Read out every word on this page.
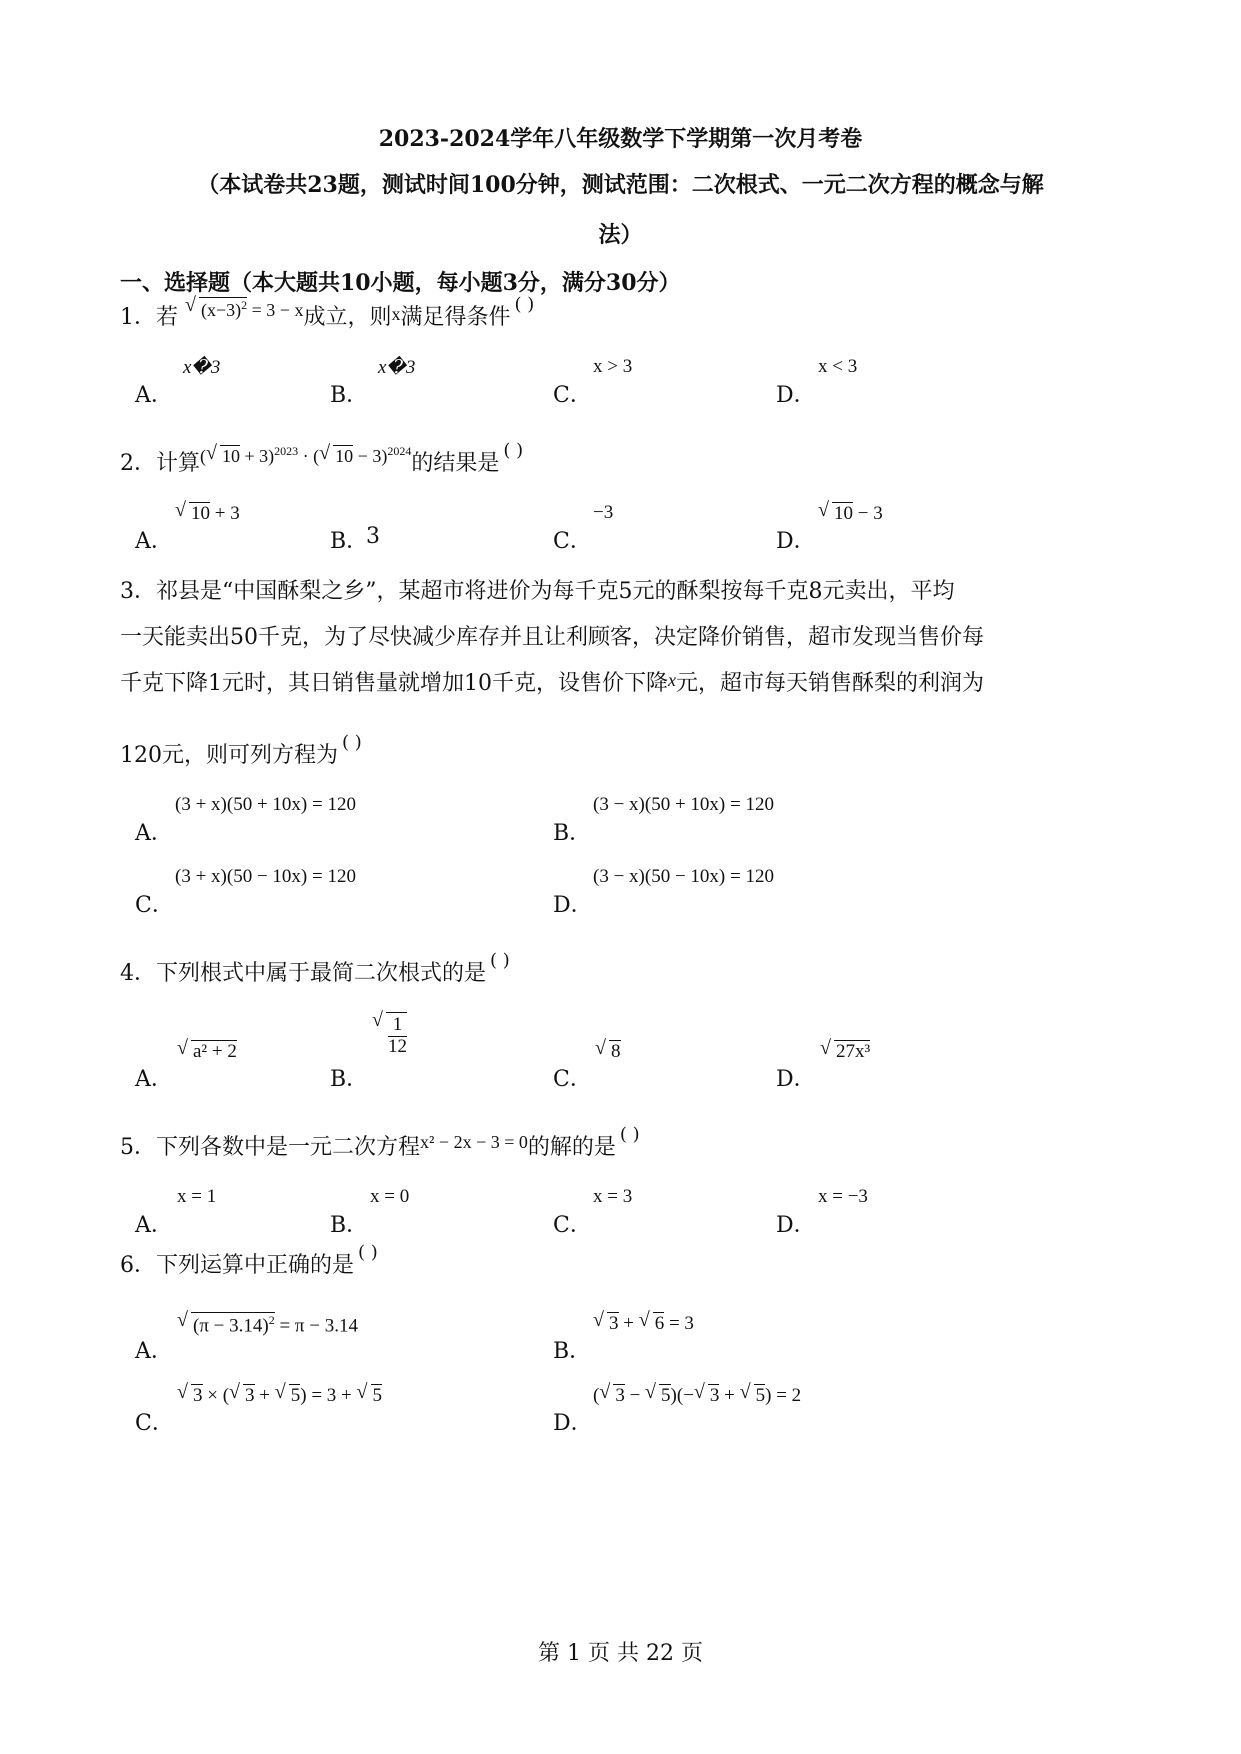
2023-2024学年八年级数学下学期第一次月考卷
（本试卷共23题，测试时间100分钟，测试范围：二次根式、一元二次方程的概念与解
法）
一、选择题（本大题共10小题，每小题3分，满分30分）
1．若 √ $(x-3)^2 = 3 - x$成立，则x满足得条件( )
A．
x�3
B．
x�3
C．
x > 3
D．
x < 3
2．计算$^{( √ 10 + 3)^{2023} \cdot ( √ 10 - 3)^{2024}}$的结果是( )
A．
√ 10 + 3
B．
3	C．
−3
D．
√ 10 − 3
3．祁县是“中国酥梨之乡”，某超市将进价为每千克5元的酥梨按每千克8元卖出，平均
一天能卖出50千克，为了尽快减少库存并且让利顾客，决定降价销售，超市发现当售价每
千克下降1元时，其日销售量就增加10千克，设售价下降x元，超市每天销售酥梨的利润为
120元，则可列方程为( )
A．
(3 + x)(50 + 10x) = 120
B．
(3 − x)(50 + 10x) = 120
C．
(3 + x)(50 − 10x) = 120
D．
(3 − x)(50 − 10x) = 120
4．下列根式中属于最简二次根式的是( )
A．
√ a² + 2
B．
√ $\frac{1}{12}$
C．
√ 8
D．
√ 27x³
5．下列各数中是一元二次方程$^{x^2 - 2x - 3 = 0}$的解的是( )
A．
x = 1
B．
x = 0
C．
x = 3
D．
x = −3
6．下列运算中正确的是( )
A．
√ $(\pi - 3.14)^2 = \pi - 3.14$
B．
√ 3 + √ 6 = 3
C．
√ 3 × ( √ 3 + √ 5) = 3 + √ 5
D．
( √ 3 − √ 5)(− √ 3 + √ 5) = 2
第 1 页 共 22 页
